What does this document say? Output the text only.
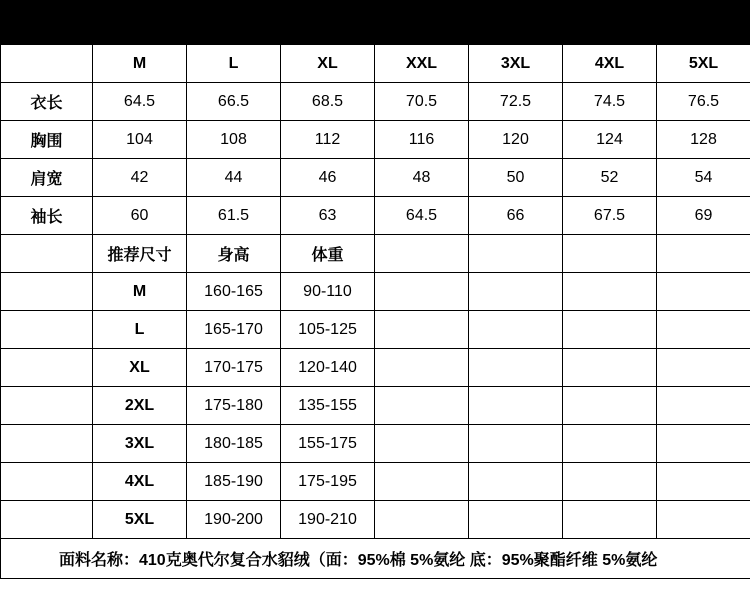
	M	L	XL	XXL	3XL	4XL	5XL
衣长	64.5	66.5	68.5	70.5	72.5	74.5	76.5
胸围	104	108	112	116	120	124	128
肩宽	42	44	46	48	50	52	54
袖长	60	61.5	63	64.5	66	67.5	69
	推荐尺寸	身高	体重				
	M	160-165	90-110				
	L	165-170	105-125				
	XL	170-175	120-140				
	2XL	175-180	135-155				
	3XL	180-185	155-175				
	4XL	185-190	175-195				
	5XL	190-200	190-210				
面料名称：410克奥代尔复合水貂绒（面：95%棉 5%氨纶 底：95%聚酯纤维 5%氨纶							
